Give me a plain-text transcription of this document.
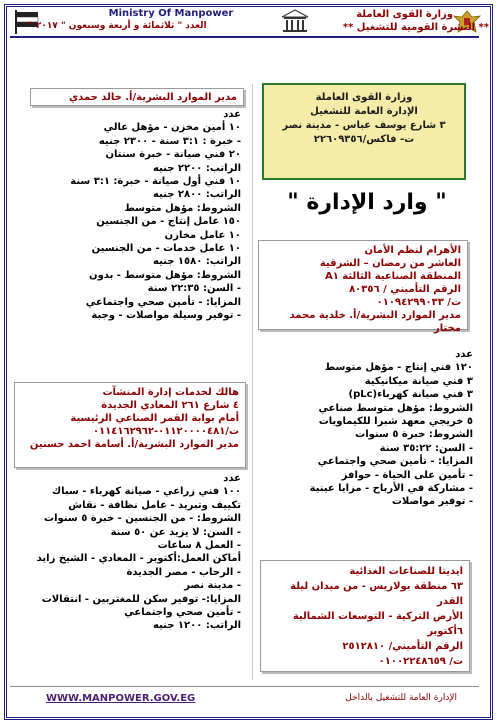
وزارة القوى العاملة
** النشرة القومية للتشغيل **
Ministry Of Manpower
العدد " ثلاثمائة و أربعة وسبعون " ٢٠١٧ "
وزارة القوى العاملة
الإدارة العامة للتشغيل
٣ شارع يوسف عباس - مدينة نصر
ت- فاكس/٢٢٦٠٩٣٥٦
" وارد الإدارة "
مدير الموارد البشرية/أ. خالد حمدي
عدد
١٠ أمين مخزن - مؤهل عالي
- خبرة : ٣:١ سنة - ٢٣٠٠ جنيه
٢٠ فني صيانة - خبرة سنتان
الراتب: ٢٢٠٠ جنيه
١٠ فني أول صيانة - خبرة: ٣:١ سنة
الراتب: ٢٨٠٠ جنيه
الشروط: مؤهل متوسط
١٥٠ عامل إنتاج - من الجنسين
١٠ عامل مخازن
١٠ عامل خدمات - من الجنسين
الراتب: ١٥٨٠ جنيه
الشروط: مؤهل متوسط - بدون
- السن: ٢٢:٣٥ سنة
المزايا: - تأمين صحي واجتماعي
- توفير وسيلة مواصلات - وجبة
هالك لخدمات إدارة المنشآت
٤ شارع ٢٦١ المعادي الجديدة
أمام بوابة القمر الصناعي الرئيسية
ت/٠١١٢٠٠٠٠٤٨١-٠١١٤١٦٢٩٦٢
مدير الموارد البشرية/أ. أسامة احمد حسنين
عدد
١٠٠ فني زراعي - صيانة كهرباء - سباك
تكييف وتبريد - عامل نظافة - نقاش
الشروط: - من الجنسين - خبرة ٥ سنوات
- السن: لا يزيد عن ٥٠ سنة
- العمل ٨ ساعات
أماكن العمل:أكتوبر - المعادي - الشيخ زايد
- الرحاب - مصر الجديدة
- مدينة نصر
المزايا:- توفير سكن للمغتربين - انتقالات
- تأمين صحي واجتماعي
الراتب: ١٢٠٠ جنيه
الأهرام لنظم الأمان
العاشر من رمضان – الشرقية
المنطقة الصناعية الثالثة A١
الرقم التأميني / ٨٠٣٥٦
ت/ ٠١٠٩٤٢٩٩٠٣٣
مدير الموارد البشرية/أ. خلدية محمد مختار
عدد
١٢٠ فني إنتاج - مؤهل متوسط
٣ فني صيانة ميكانيكية
٣ فني صيانة كهرباء(pLc)
الشروط: مؤهل متوسط صناعي
٥ خريجي معهد شبرا للكيماويات
الشروط: خبرة ٥ سنوات
- السن: ٣٥:٢٢ سنة
المزايا: - تأمين صحي واجتماعي
- تأمين على الحياة - حوافز
- مشاركة في الأرباح - مزايا عينية
- توفير مواصلات
ايديتا للصناعات الغذائية
٦٣ منطقة بولاريس - من ميدان ليلة القدر
الأرض التركية - التوسعات الشمالية
٦أكتوبر
الرقم التأميني/ ٢٥١٢٨١٠
ت/ ٠١٠٠٢٢٤٨٦٥٩
WWW.MANPOWER.GOV.EG	الإدارة العامة للتشغيل بالداخل
